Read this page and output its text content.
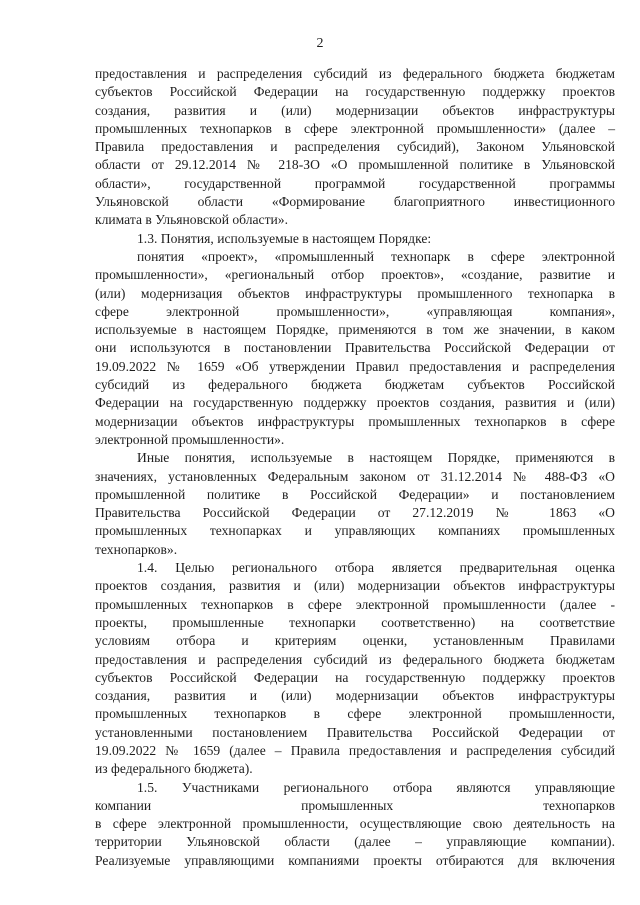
2
предоставления и распределения субсидий из федерального бюджета бюджетам
субъектов Российской Федерации на государственную поддержку проектов
создания, развития и (или) модернизации объектов инфраструктуры
промышленных технопарков в сфере электронной промышленности» (далее –
Правила предоставления и распределения субсидий), Законом Ульяновской
области от 29.12.2014 № 218-ЗО «О промышленной политике в Ульяновской
области», государственной программой государственной программы
Ульяновской области «Формирование благоприятного инвестиционного
климата в Ульяновской области».
1.3. Понятия, используемые в настоящем Порядке:
понятия «проект», «промышленный технопарк в сфере электронной
промышленности», «региональный отбор проектов», «создание, развитие и
(или) модернизация объектов инфраструктуры промышленного технопарка в
сфере электронной промышленности», «управляющая компания»,
используемые в настоящем Порядке, применяются в том же значении, в каком
они используются в постановлении Правительства Российской Федерации от
19.09.2022 № 1659 «Об утверждении Правил предоставления и распределения
субсидий из федерального бюджета бюджетам субъектов Российской
Федерации на государственную поддержку проектов создания, развития и (или)
модернизации объектов инфраструктуры промышленных технопарков в сфере
электронной промышленности».
Иные понятия, используемые в настоящем Порядке, применяются в
значениях, установленных Федеральным законом от 31.12.2014 № 488-ФЗ «О
промышленной политике в Российской Федерации» и постановлением
Правительства Российской Федерации от 27.12.2019 № 1863 «О
промышленных технопарках и управляющих компаниях промышленных
технопарков».
1.4. Целью регионального отбора является предварительная оценка
проектов создания, развития и (или) модернизации объектов инфраструктуры
промышленных технопарков в сфере электронной промышленности (далее -
проекты, промышленные технопарки соответственно) на соответствие
условиям отбора и критериям оценки, установленным Правилами
предоставления и распределения субсидий из федерального бюджета бюджетам
субъектов Российской Федерации на государственную поддержку проектов
создания, развития и (или) модернизации объектов инфраструктуры
промышленных технопарков в сфере электронной промышленности,
установленными постановлением Правительства Российской Федерации от
19.09.2022 № 1659 (далее – Правила предоставления и распределения субсидий
из федерального бюджета).
1.5. Участниками регионального отбора являются управляющие
компании промышленных технопарков
в сфере электронной промышленности, осуществляющие свою деятельность на
территории Ульяновской области (далее – управляющие компании).
Реализуемые управляющими компаниями проекты отбираются для включения
